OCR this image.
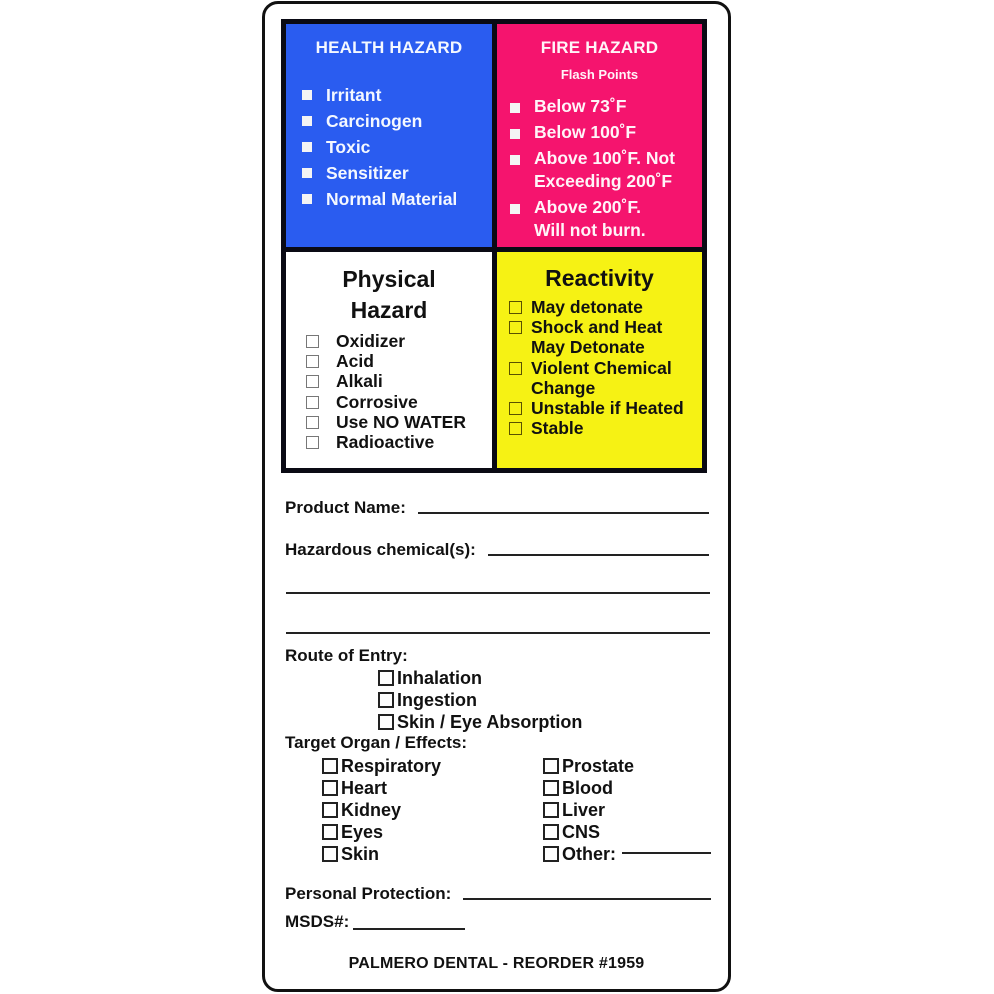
HEALTH HAZARD
Irritant
Carcinogen
Toxic
Sensitizer
Normal Material
FIRE HAZARD
Flash Points
Below 73˚F
Below 100˚F
Above 100˚F. Not
Exceeding 200˚F
Above 200˚F.
Will not burn.
Physical
Hazard
Oxidizer
Acid
Alkali
Corrosive
Use NO WATER
Radioactive
Reactivity
May detonate
Shock and Heat
May Detonate
Violent Chemical
Change
Unstable if Heated
Stable
Product Name:
Hazardous chemical(s):
Route of Entry:
Inhalation
Ingestion
Skin / Eye Absorption
Target Organ / Effects:
Respiratory
Heart
Kidney
Eyes
Skin
Prostate
Blood
Liver
CNS
Other:
Personal Protection:
MSDS#:
PALMERO DENTAL - REORDER #1959
